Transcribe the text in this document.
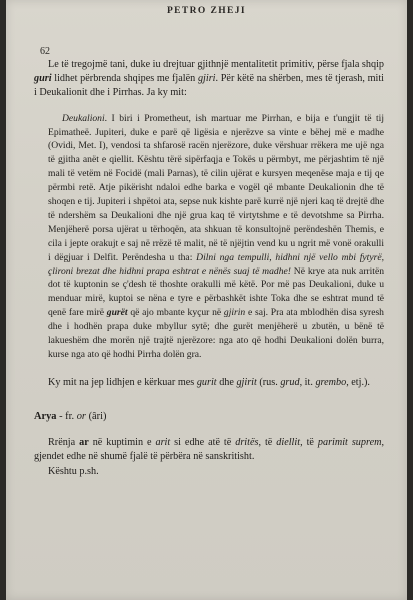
PETRO ZHEJI
62

Le të tregojmë tani, duke iu drejtuar gjithnjë mentalitetit primitiv, përse fjala shqip guri lidhet përbrenda shqipes me fjalën gjiri. Për këtë na shërben, mes të tjerash, miti i Deukalionit dhe i Pirrhas. Ja ky mit:

Deukalioni. I biri i Prometheut, ish martuar me Pirrhan, e bija e t'ungjit të tij Epimatheë. Jupiteri, duke e parë që ligësia e njerëzve sa vinte e bëhej më e madhe (Ovidi, Met. I), vendosi ta shfarosë racën njerëzore, duke vërshuar rrëkera me ujë nga të gjitha anët e qiellit. Kështu tërë sipërfaqja e Tokës u përmbyt, me përjashtim të një mali të vetëm në Focidë (mali Parnas), të cilin ujërat e kursyen meqenëse maja e tij qe përmbi retë. Atje pikërisht ndaloi edhe barka e vogël që mbante Deukalionin dhe të shoqen e tij. Jupiteri i shpëtoi ata, sepse nuk kishte parë kurrë një njeri kaq të drejtë dhe të ndershëm sa Deukalioni dhe një grua kaq të virtytshme e të devotshme sa Pirrha. Menjëherë porsa ujërat u tërhoqën, ata shkuan të konsultojnë perëndeshën Themis, e cila i jepte orakujt e saj në rrëzë të malit, në të njëjtin vend ku u ngrit më vonë orakulli i dëgjuar i Delfit. Perëndesha u tha: Dilni nga tempulli, hidhni një vello mbi fytyrë, çlironi brezat dhe hidhni prapa eshtrat e nënës suaj të madhe! Në krye ata nuk arritën dot të kuptonin se ç'desh të thoshte orakulli më këtë. Por më pas Deukalioni, duke u menduar mirë, kuptoi se nëna e tyre e përbashkët ishte Toka dhe se eshtrat mund të qenë fare mirë gurët që ajo mbante kyçur në gjirin e saj. Pra ata mblodhën disa syresh dhe i hodhën prapa duke mbyllur sytë; dhe gurët menjëherë u zbutën, u bënë të lakueshëm dhe morën një trajtë njerëzore: nga ato që hodhi Deukalioni dolën burra, kurse nga ato që hodhi Pirrha dolën gra.

Ky mit na jep lidhjen e kërkuar mes gurit dhe gjirit (rus. grud, it. grembo, etj.).

Arya - fr. or (âri)

Rrënja ar në kuptimin e arit si edhe atë të dritës, të diellit, të parimit suprem, gjendet edhe në shumë fjalë të përbëra në sanskritisht.

Kështu p.sh.
